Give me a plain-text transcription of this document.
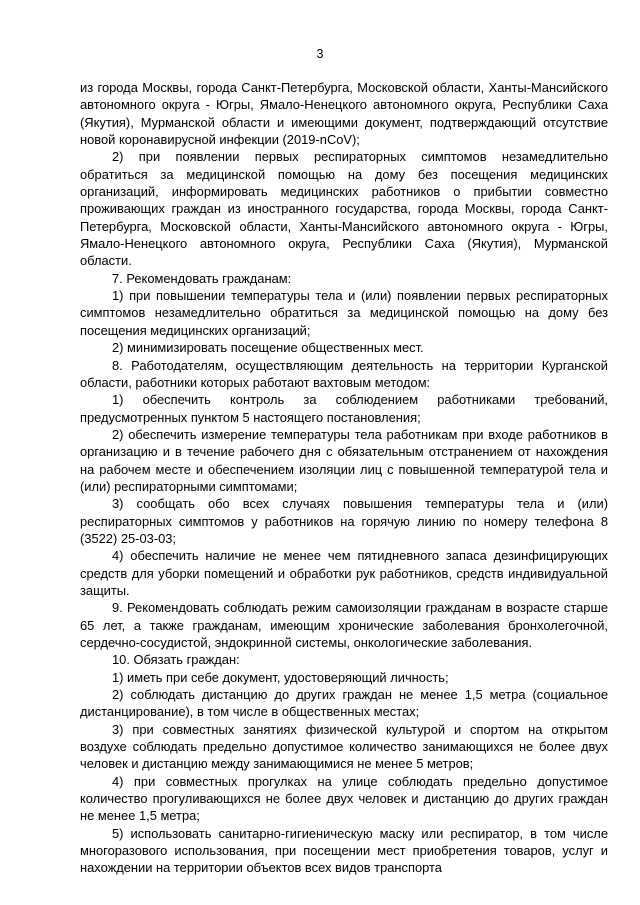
3

из города Москвы, города Санкт-Петербурга, Московской области, Ханты-Мансийского автономного округа - Югры, Ямало-Ненецкого автономного округа, Республики Саха (Якутия), Мурманской области и имеющими документ, подтверждающий отсутствие новой коронавирусной инфекции (2019-nCoV);

2) при появлении первых респираторных симптомов незамедлительно обратиться за медицинской помощью на дому без посещения медицинских организаций, информировать медицинских работников о прибытии совместно проживающих граждан из иностранного государства, города Москвы, города Санкт-Петербурга, Московской области, Ханты-Мансийского автономного округа - Югры, Ямало-Ненецкого автономного округа, Республики Саха (Якутия), Мурманской области.

7. Рекомендовать гражданам:

1) при повышении температуры тела и (или) появлении первых респираторных симптомов незамедлительно обратиться за медицинской помощью на дому без посещения медицинских организаций;

2) минимизировать посещение общественных мест.

8. Работодателям, осуществляющим деятельность на территории Курганской области, работники которых работают вахтовым методом:

1) обеспечить контроль за соблюдением работниками требований, предусмотренных пунктом 5 настоящего постановления;

2) обеспечить измерение температуры тела работникам при входе работников в организацию и в течение рабочего дня с обязательным отстранением от нахождения на рабочем месте и обеспечением изоляции лиц с повышенной температурой тела и (или) респираторными симптомами;

3) сообщать обо всех случаях повышения температуры тела и (или) респираторных симптомов у работников на горячую линию по номеру телефона 8 (3522) 25-03-03;

4) обеспечить наличие не менее чем пятидневного запаса дезинфицирующих средств для уборки помещений и обработки рук работников, средств индивидуальной защиты.

9. Рекомендовать соблюдать режим самоизоляции гражданам в возрасте старше 65 лет, а также гражданам, имеющим хронические заболевания бронхолегочной, сердечно-сосудистой, эндокринной системы, онкологические заболевания.

10. Обязать граждан:

1) иметь при себе документ, удостоверяющий личность;

2) соблюдать дистанцию до других граждан не менее 1,5 метра (социальное дистанцирование), в том числе в общественных местах;

3) при совместных занятиях физической культурой и спортом на открытом воздухе соблюдать предельно допустимое количество занимающихся не более двух человек и дистанцию между занимающимися не менее 5 метров;

4) при совместных прогулках на улице соблюдать предельно допустимое количество прогуливающихся не более двух человек и дистанцию до других граждан не менее 1,5 метра;

5) использовать санитарно-гигиеническую маску или респиратор, в том числе многоразового использования, при посещении мест приобретения товаров, услуг и нахождении на территории объектов всех видов транспорта
